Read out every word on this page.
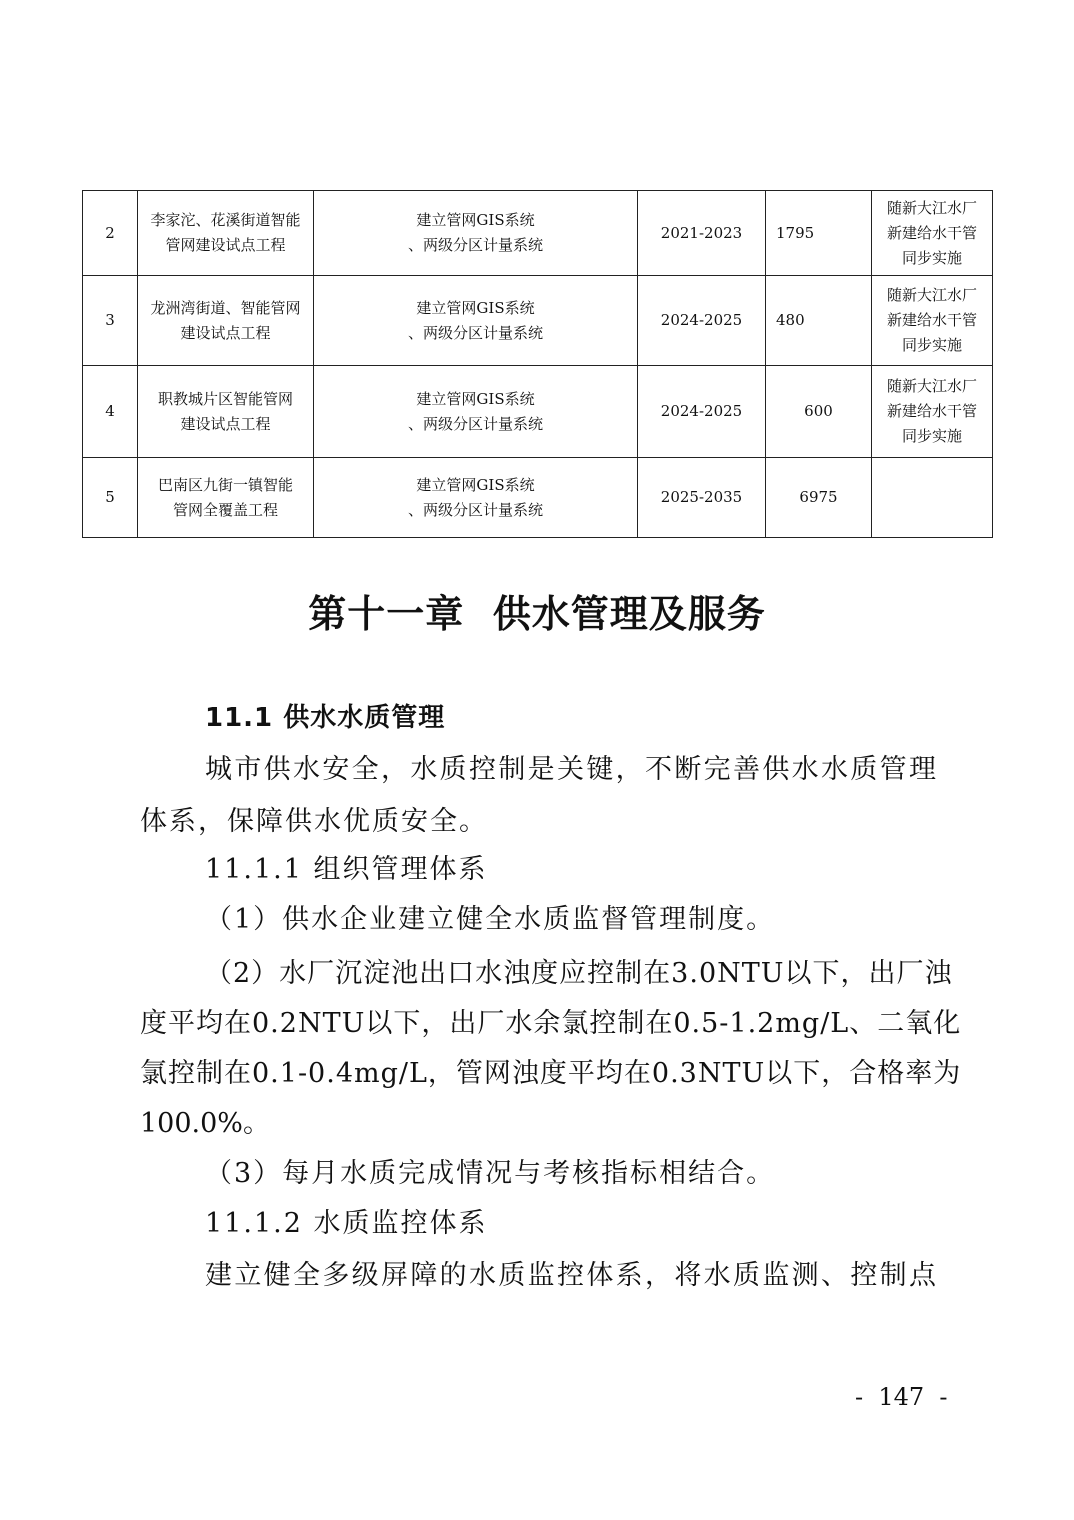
2	李家沱、花溪街道智能
管网建设试点工程	建立管网GIS系统
、两级分区计量系统	2021-2023	1795	随新大江水厂
新建给水干管
同步实施
3	龙洲湾街道、智能管网
建设试点工程	建立管网GIS系统
、两级分区计量系统	2024-2025	480	随新大江水厂
新建给水干管
同步实施
4	职教城片区智能管网
建设试点工程	建立管网GIS系统
、两级分区计量系统	2024-2025	600	随新大江水厂
新建给水干管
同步实施
5	巴南区九街一镇智能
管网全覆盖工程	建立管网GIS系统
、两级分区计量系统	2025-2035	6975	
第十一章  供水管理及服务
11.1 供水水质管理
城市供水安全，水质控制是关键，不断完善供水水质管理
体系，保障供水优质安全。
11.1.1 组织管理体系
（1）供水企业建立健全水质监督管理制度。
（2）水厂沉淀池出口水浊度应控制在3.0NTU以下，出厂浊
度平均在0.2NTU以下，出厂水余氯控制在0.5-1.2mg/L、二氧化
氯控制在0.1-0.4mg/L，管网浊度平均在0.3NTU以下，合格率为
100.0%。
（3）每月水质完成情况与考核指标相结合。
11.1.2 水质监控体系
建立健全多级屏障的水质监控体系，将水质监测、控制点
-  147  -
